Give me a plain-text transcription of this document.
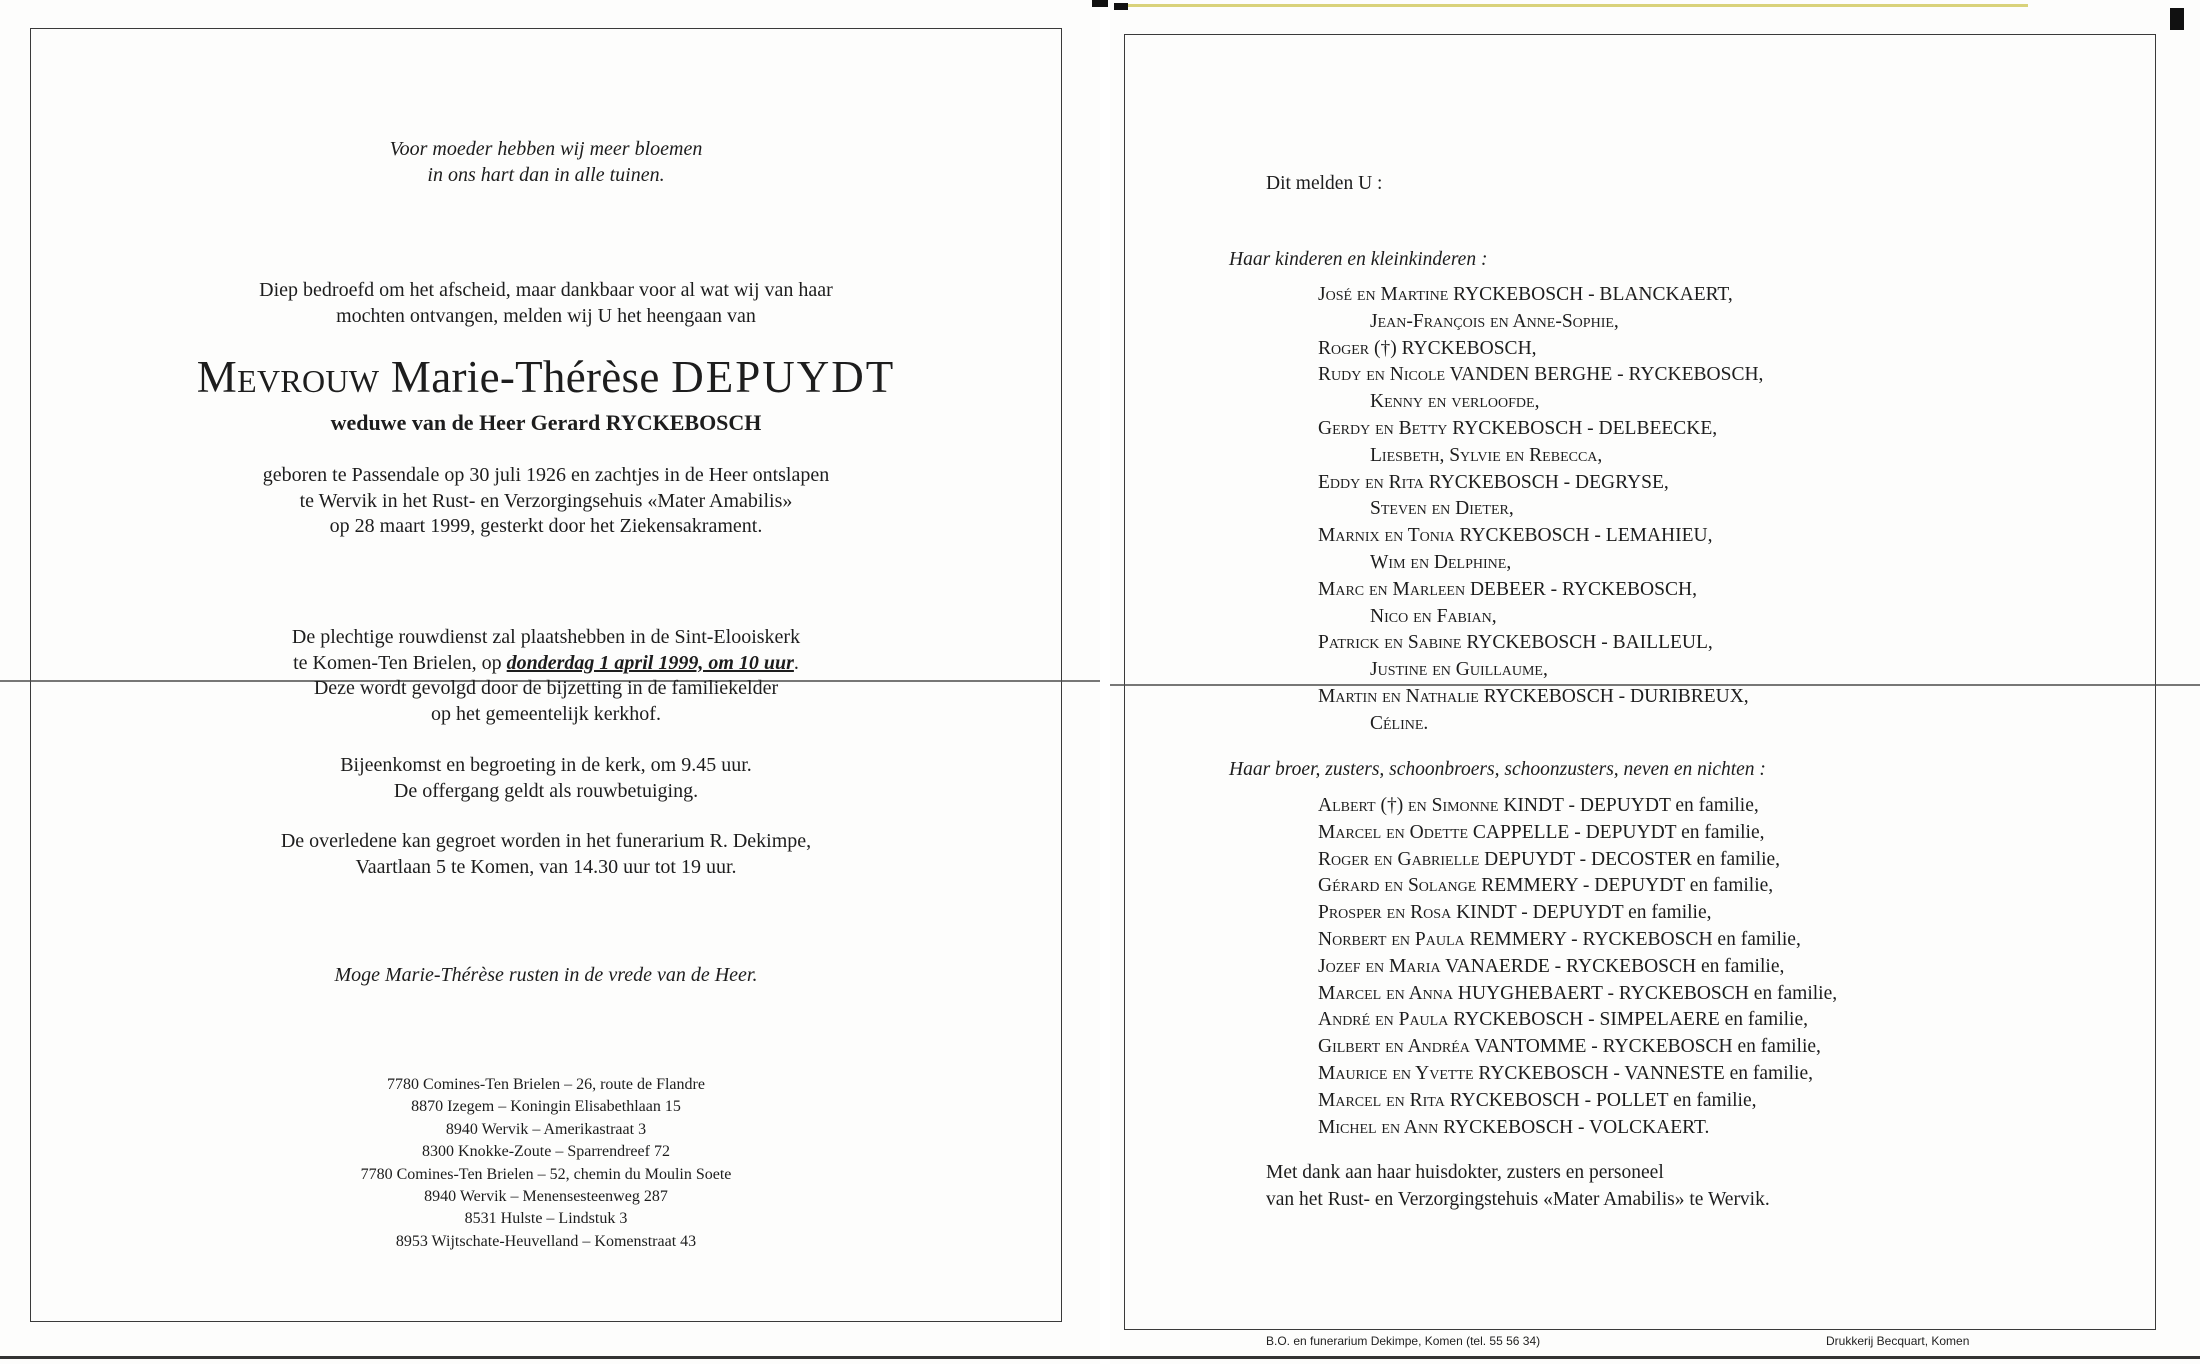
Voor moeder hebben wij meer bloemen
in ons hart dan in alle tuinen.
Diep bedroefd om het afscheid, maar dankbaar voor al wat wij van haar
mochten ontvangen, melden wij U het heengaan van
Mevrouw Marie-Thérèse DEPUYDT
weduwe van de Heer Gerard RYCKEBOSCH
geboren te Passendale op 30 juli 1926 en zachtjes in de Heer ontslapen
te Wervik in het Rust- en Verzorgingsehuis «Mater Amabilis»
op 28 maart 1999, gesterkt door het Ziekensakrament.
De plechtige rouwdienst zal plaatshebben in de Sint-Elooiskerk
te Komen-Ten Brielen, op donderdag 1 april 1999, om 10 uur.
Deze wordt gevolgd door de bijzetting in de familiekelder
op het gemeentelijk kerkhof.
Bijeenkomst en begroeting in de kerk, om 9.45 uur.
De offergang geldt als rouwbetuiging.
De overledene kan gegroet worden in het funerarium R. Dekimpe,
Vaartlaan 5 te Komen, van 14.30 uur tot 19 uur.
Moge Marie-Thérèse rusten in de vrede van de Heer.
7780 Comines-Ten Brielen – 26, route de Flandre
8870 Izegem – Koningin Elisabethlaan 15
8940 Wervik – Amerikastraat 3
8300 Knokke-Zoute – Sparrendreef 72
7780 Comines-Ten Brielen – 52, chemin du Moulin Soete
8940 Wervik – Menensesteenweg 287
8531 Hulste – Lindstuk 3
8953 Wijtschate-Heuvelland – Komenstraat 43
Dit melden U :
Haar kinderen en kleinkinderen :
José en Martine RYCKEBOSCH - BLANCKAERT,
Jean-François en Anne-Sophie,
Roger (†) RYCKEBOSCH,
Rudy en Nicole VANDEN BERGHE - RYCKEBOSCH,
Kenny en verloofde,
Gerdy en Betty RYCKEBOSCH - DELBEECKE,
Liesbeth, Sylvie en Rebecca,
Eddy en Rita RYCKEBOSCH - DEGRYSE,
Steven en Dieter,
Marnix en Tonia RYCKEBOSCH - LEMAHIEU,
Wim en Delphine,
Marc en Marleen DEBEER - RYCKEBOSCH,
Nico en Fabian,
Patrick en Sabine RYCKEBOSCH - BAILLEUL,
Justine en Guillaume,
Martin en Nathalie RYCKEBOSCH - DURIBREUX,
Céline.
Haar broer, zusters, schoonbroers, schoonzusters, neven en nichten :
Albert (†) en Simonne KINDT - DEPUYDT en familie,
Marcel en Odette CAPPELLE - DEPUYDT en familie,
Roger en Gabrielle DEPUYDT - DECOSTER en familie,
Gérard en Solange REMMERY - DEPUYDT en familie,
Prosper en Rosa KINDT - DEPUYDT en familie,
Norbert en Paula REMMERY - RYCKEBOSCH en familie,
Jozef en Maria VANAERDE - RYCKEBOSCH en familie,
Marcel en Anna HUYGHEBAERT - RYCKEBOSCH en familie,
André en Paula RYCKEBOSCH - SIMPELAERE en familie,
Gilbert en Andréa VANTOMME - RYCKEBOSCH en familie,
Maurice en Yvette RYCKEBOSCH - VANNESTE en familie,
Marcel en Rita RYCKEBOSCH - POLLET en familie,
Michel en Ann RYCKEBOSCH - VOLCKAERT.
Met dank aan haar huisdokter, zusters en personeel
van het Rust- en Verzorgingstehuis «Mater Amabilis» te Wervik.
B.O. en funerarium Dekimpe, Komen (tel. 55 56 34)	Drukkerij Becquart, Komen
